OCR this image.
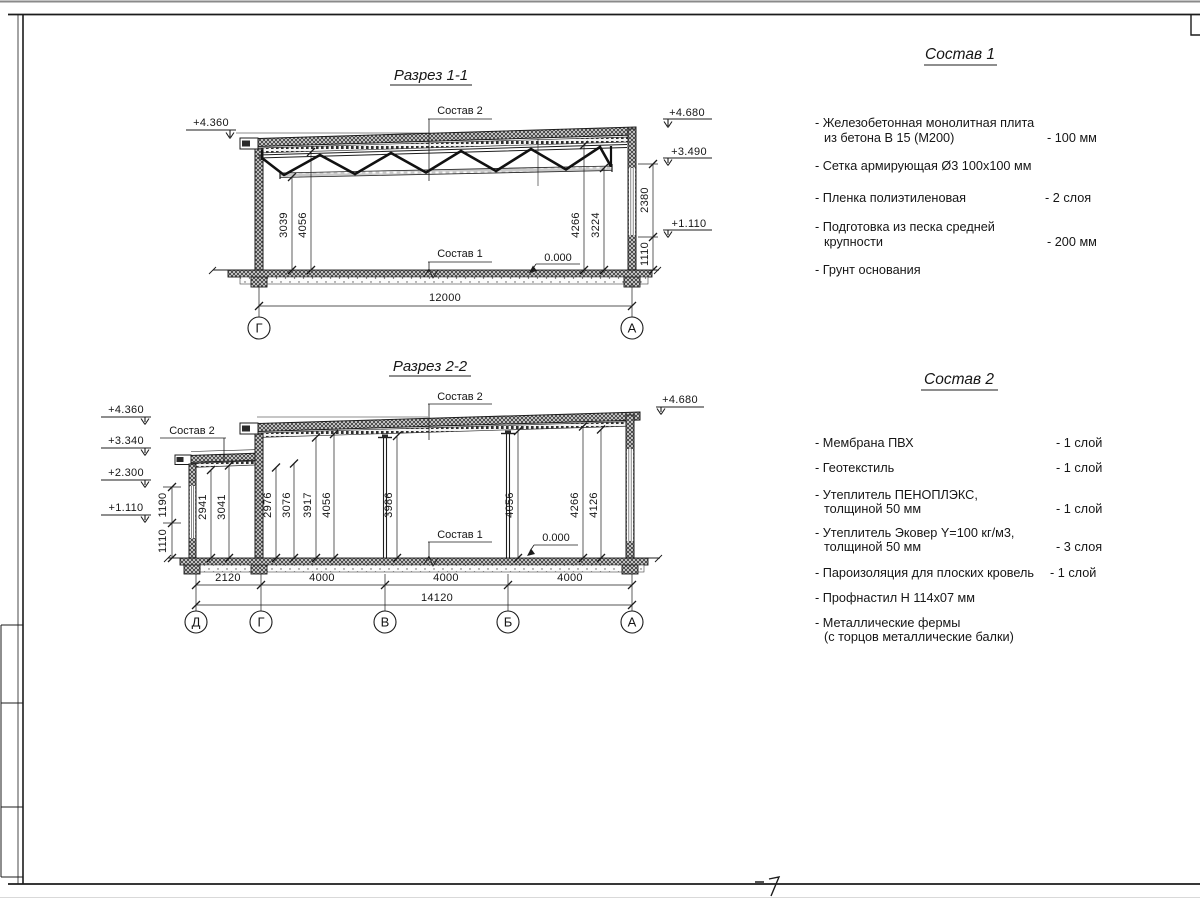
Разрез 1-1
Состав 2
Состав 1	0.000
+4.360
+4.680
+3.490
+1.110
3039 4056	4266 3224
2380
1110
12000
Г	А
Разрез 2-2
Состав 2
Состав 2
Состав 1	0.000
+4.360
+3.340
+2.300
+1.110
+4.680
1190
1110
2941 3041	2976 3076 3917 4056	3986	4056	4266 4126
2120	4000	4000	4000
14120
Д	Г	В	Б	А
Состав 1
- Железобетонная монолитная плита
из бетона В 15 (М200)	- 100 мм
- Сетка армирующая Ø3 100х100 мм
- Пленка полиэтиленовая	- 2 слоя
- Подготовка из песка средней
крупности	- 200 мм
- Грунт основания
Состав 2
- Мембрана ПВХ	- 1 слой
- Геотекстиль	- 1 слой
- Утеплитель ПЕНОПЛЭКС,
толщиной 50 мм	- 1 слой
- Утеплитель Эковер Y=100 кг/м3,
толщиной 50 мм	- 3 слоя
- Пароизоляция для плоских кровель - 1 слой
- Профнастил Н 114х07 мм
- Металлические фермы
(с торцов металлические балки)
